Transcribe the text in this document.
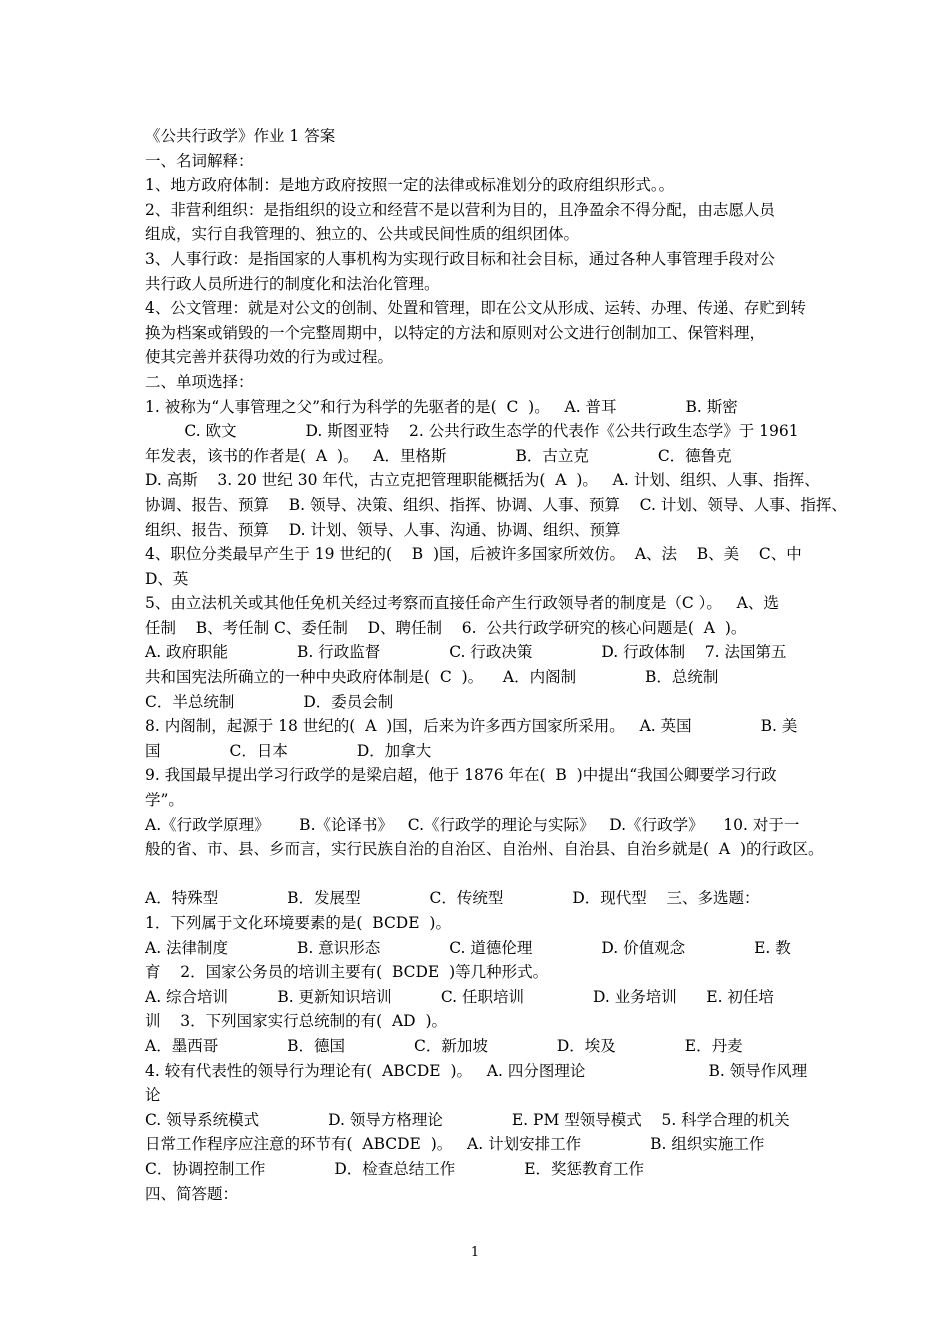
《公共行政学》作业 1 答案
一、名词解释：
1、地方政府体制：是地方政府按照一定的法律或标准划分的政府组织形式。。
2、非营利组织：是指组织的设立和经营不是以营利为目的，且净盈余不得分配，由志愿人员
组成，实行自我管理的、独立的、公共或民间性质的组织团体。
3、人事行政：是指国家的人事机构为实现行政目标和社会目标，通过各种人事管理手段对公
共行政人员所进行的制度化和法治化管理。
4、公文管理：就是对公文的创制、处置和管理，即在公文从形成、运转、办理、传递、存贮到转
换为档案或销毁的一个完整周期中，以特定的方法和原则对公文进行创制加工、保管料理，
使其完善并获得功效的行为或过程。
二、单项选择：
1. 被称为“人事管理之父”和行为科学的先驱者的是(  C  )。   A. 普耳              B. 斯密
C. 欧文              D. 斯图亚特    2. 公共行政生态学的代表作《公共行政生态学》于 1961
年发表，该书的作者是(  A  )。   A．里格斯              B．古立克              C．德鲁克
D. 高斯    3. 20 世纪 30 年代，古立克把管理职能概括为(  A  )。   A. 计划、组织、人事、指挥、
协调、报告、预算    B. 领导、决策、组织、指挥、协调、人事、预算    C. 计划、领导、人事、指挥、
组织、报告、预算    D. 计划、领导、人事、沟通、协调、组织、预算
4、职位分类最早产生于 19 世纪的(    B  )国，后被许多国家所效仿。  A、法    B、美    C、中
D、英
5、由立法机关或其他任免机关经过考察而直接任命产生行政领导者的制度是（C ）。   A、选
任制    B、考任制 C、委任制    D、聘任制    6.  公共行政学研究的核心问题是(  A  )。
A. 政府职能              B. 行政监督              C. 行政决策              D. 行政体制    7. 法国第五
共和国宪法所确立的一种中央政府体制是(  C  )。    A．内阁制              B．总统制
C．半总统制              D．委员会制
8. 内阁制，起源于 18 世纪的(  A  )国，后来为许多西方国家所采用。   A. 英国              B. 美
国              C．日本              D．加拿大
9. 我国最早提出学习行政学的是梁启超，他于 1876 年在(  B  )中提出“我国公卿要学习行政
学”。
A.《行政学原理》      B.《论译书》   C.《行政学的理论与实际》   D.《行政学》    10. 对于一
般的省、市、县、乡而言，实行民族自治的自治区、自治州、自治县、自治乡就是(  A  )的行政区。
A．特殊型              B．发展型              C．传统型              D．现代型    三、多选题：
1．下列属于文化环境要素的是(  BCDE  )。
A. 法律制度              B. 意识形态              C. 道德伦理              D. 价值观念              E. 教
育    2．国家公务员的培训主要有(  BCDE  )等几种形式。
A. 综合培训          B. 更新知识培训          C. 任职培训              D. 业务培训      E. 初任培
训    3．下列国家实行总统制的有(  AD  )。
A．墨西哥              B．德国              C．新加坡              D．埃及              E．丹麦
4. 较有代表性的领导行为理论有(  ABCDE  )。   A. 四分图理论                         B. 领导作风理
论
C. 领导系统模式              D. 领导方格理论              E. PM 型领导模式    5. 科学合理的机关
日常工作程序应注意的环节有(  ABCDE  )。   A. 计划安排工作              B. 组织实施工作
C．协调控制工作              D．检查总结工作              E．奖惩教育工作
四、简答题：
1
